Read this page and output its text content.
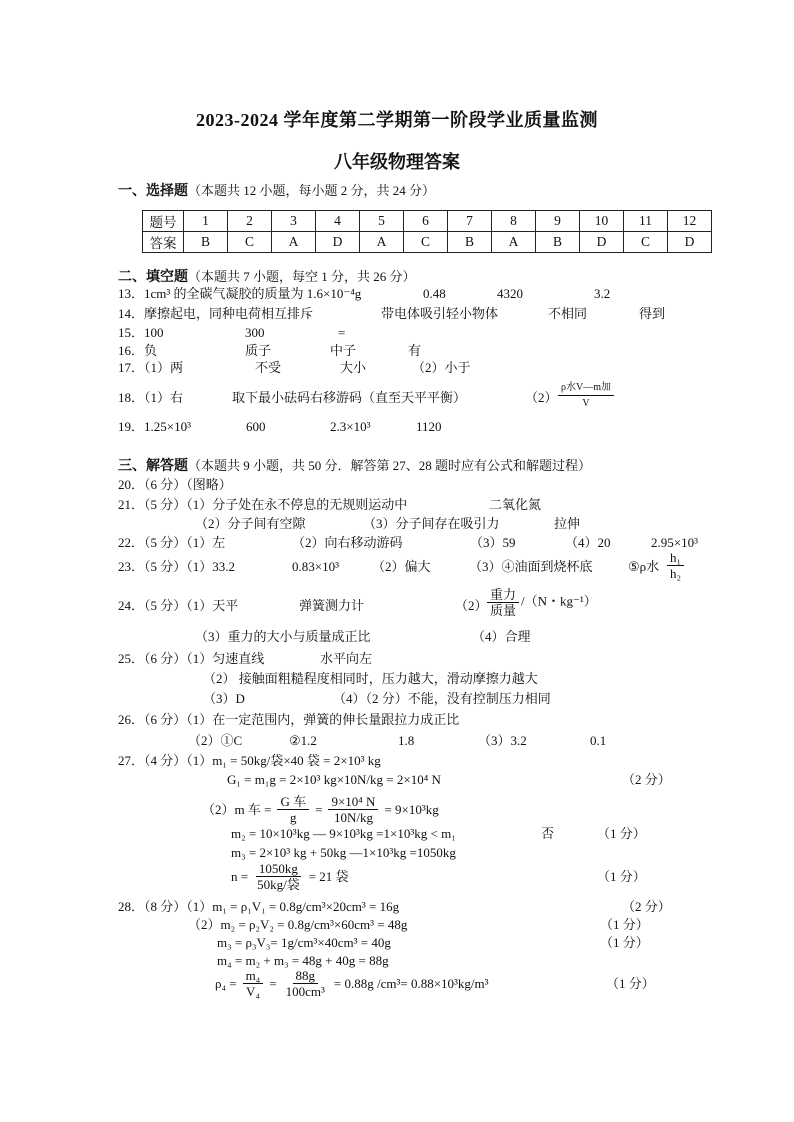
2023-2024 学年度第二学期第一阶段学业质量监测
八年级物理答案
一、选择题（本题共 12 小题，每小题 2 分，共 24 分）
题号	1	2	3	4	5	6	7	8	9	10	11	12
答案	B	C	A	D	A	C	B	A	B	D	C	D
二、填空题（本题共 7 小题，每空 1 分，共 26 分）
13．1cm³ 的全碳气凝胶的质量为 1.6×10⁻⁴g	0.48	4320	3.2
14．摩擦起电，同种电荷相互排斥	带电体吸引轻小物体	不相同	得到
15．100	300	=
16．负	质子	中子	有
17．（1）两	不受	大小	（2）小于
18．（1）右	取下最小砝码右移游码（直至天平平衡）	$(2) \frac{\text{ρ水V—m加}}{V}$
19．1.25×10³	600	2.3×10³	1120
三、解答题（本题共 9 小题，共 50 分．解答第 27、28 题时应有公式和解题过程）
20．（6 分）（图略）
21．（5 分）（1）分子处在永不停息的无规则运动中	二氧化氮
（2）分子间有空隙	（3）分子间存在吸引力	拉伸
22．（5 分）（1）左	（2）向右移动游码	（3）59	（4）20	2.95×10³
23．（5 分）（1）33.2	0.83×10³	（2）偏大	（3）④油面到烧杯底	⑤ρ水 $\frac{\text{h₁}}{\text{h₂}}$
24．（5 分）（1）天平	弹簧测力计	$(2) \frac{\text{重力}}{\text{质量}} /(N$・kg⁻¹）
（3）重力的大小与质量成正比	（4）合理
25．（6 分）（1）匀速直线	水平向左
（2） 接触面粗糙程度相同时，压力越大，滑动摩擦力越大
（3）D	（4）（2 分）不能，没有控制压力相同
26．（6 分）（1）在一定范围内，弹簧的伸长量跟拉力成正比
（2）①C	②1.2	1.8	（3）3.2	0.1
27．（4 分）（1）m₁ = 50kg/袋×40 袋 = 2×10³ kg
G₁ = m₁g = 2×10³ kg×10N/kg = 2×10⁴ N	（2 分）
（2）m 车 = $\frac{\text{G 车}}{g} = \frac{\text{9×10⁴ N}}{10N/kg} = 9\times 10^3kg$
m₂ = 10×10³kg — 9×10³kg =1×10³kg < m₁	否	（1 分）
m₃ = 2×10³ kg + 50kg —1×10³kg =1050kg
$n = \frac{1050kg}{\text{50kg/袋}} = 21$ 袋	（1 分）
28．（8 分）（1）m₁ = ρ₁V₁ = 0.8g/cm³×20cm³ = 16g	（2 分）
（2）m₂ = ρ₂V₂ = 0.8g/cm³×60cm³ = 48g	（1 分）
m₃ = ρ₃V₃= 1g/cm³×40cm³ = 40g	（1 分）
m₄ = m₂ + m₃ = 48g + 40g = 88g
$\rho_4 = \frac{\text{m₄}}{\text{V₄}} = \frac{88g}{\text{100cm³}} = 0.88g$ /cm³= 0.88×10³kg/m³	（1 分）
